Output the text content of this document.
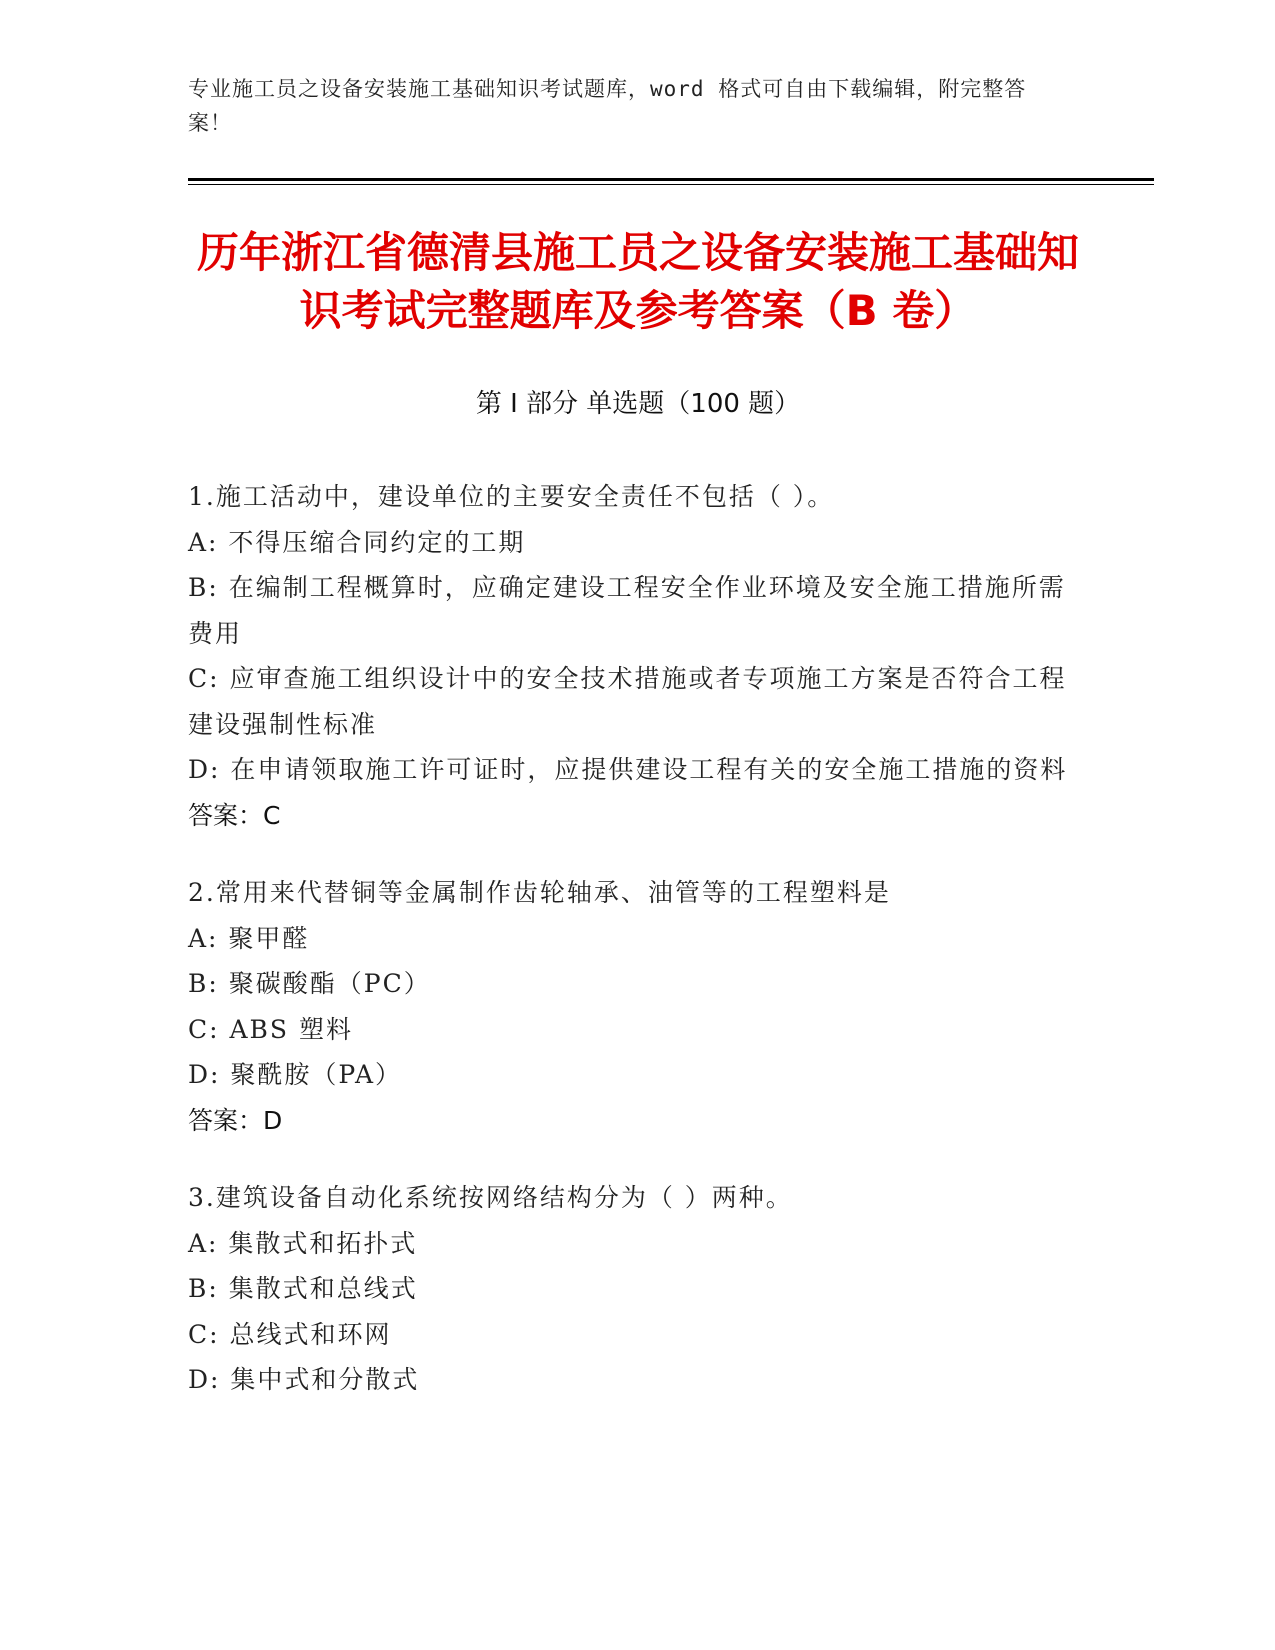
专业施工员之设备安装施工基础知识考试题库，word 格式可自由下载编辑，附完整答案！
历年浙江省德清县施工员之设备安装施工基础知识考试完整题库及参考答案（B 卷）
第 I 部分 单选题（100 题）
1.施工活动中，建设单位的主要安全责任不包括（ ）。
A: 不得压缩合同约定的工期
B: 在编制工程概算时，应确定建设工程安全作业环境及安全施工措施所需费用
C: 应审查施工组织设计中的安全技术措施或者专项施工方案是否符合工程建设强制性标准
D: 在申请领取施工许可证时，应提供建设工程有关的安全施工措施的资料
答案：C
2.常用来代替铜等金属制作齿轮轴承、油管等的工程塑料是
A: 聚甲醛
B: 聚碳酸酯（PC）
C: ABS 塑料
D: 聚酰胺（PA）
答案：D
3.建筑设备自动化系统按网络结构分为（ ）两种。
A: 集散式和拓扑式
B: 集散式和总线式
C: 总线式和环网
D: 集中式和分散式
